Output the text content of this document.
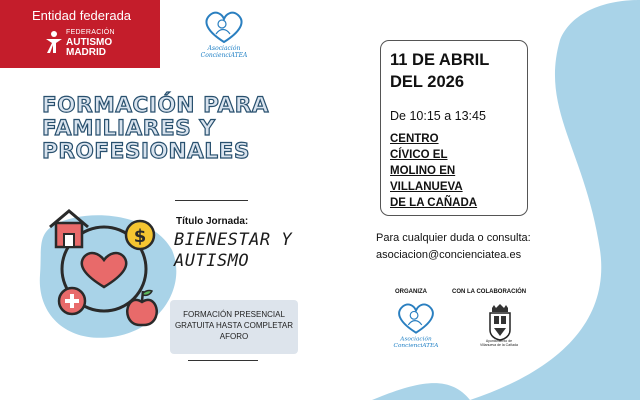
Entidad federada
FEDERACIÓN
AUTISMO
MADRID	Asociación
ConcienciATEA
FORMACIÓN PARA
FAMILIARES Y
PROFESIONALES
$
Título Jornada:
BIENESTAR Y
AUTISMO
FORMACIÓN PRESENCIAL
GRATUITA HASTA COMPLETAR
AFORO
11 DE ABRIL
DEL 2026
De 10:15 a 13:45
CENTRO
CÍVICO EL
MOLINO EN
VILLANUEVA
DE LA CAÑADA
Para cualquier duda o consulta:
asociacion@concienciatea.es
ORGANIZA	CON LA COLABORACIÓN
Asociación
ConcienciATEA
Ayuntamiento de
Villanueva de la Cañada
